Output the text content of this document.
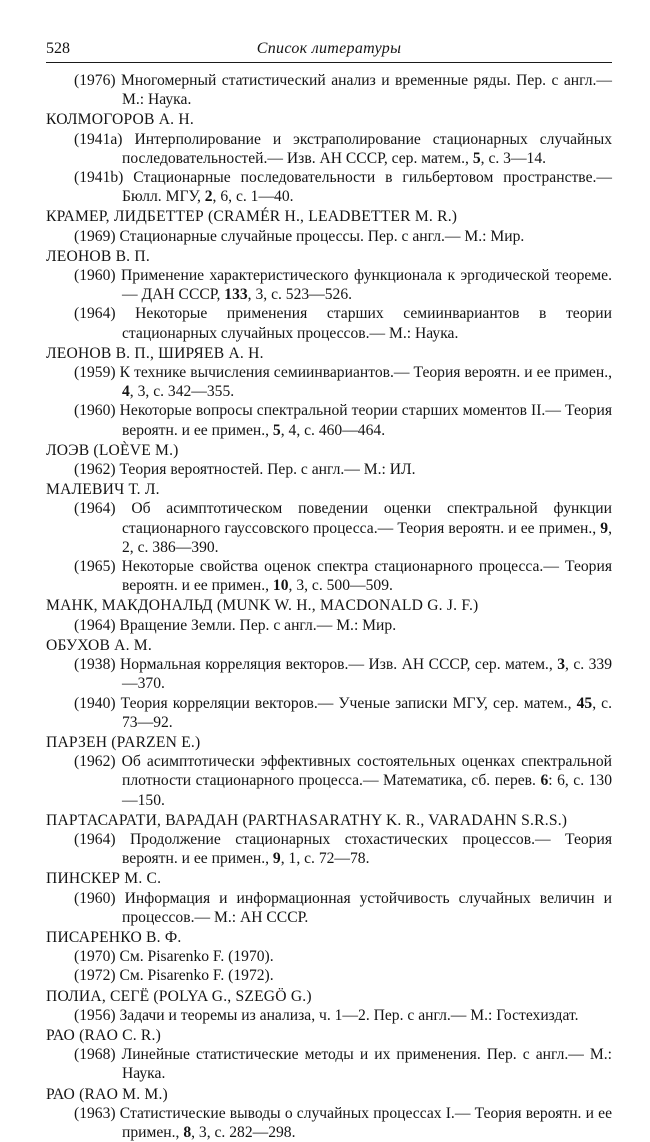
528	Список литературы
(1976) Многомерный статистический анализ и временные ряды. Пер. с англ.— М.: Наука.
КОЛМОГОРОВ А. Н.
(1941a) Интерполирование и экстраполирование стационарных случайных последовательностей.— Изв. АН СССР, сер. матем., 5, с. 3—14.
(1941b) Стационарные последовательности в гильбертовом пространстве.— Бюлл. МГУ, 2, 6, с. 1—40.
КРАМЕР, ЛИДБЕТТЕР (CRAMÉR H., LEADBETTER M. R.)
(1969) Стационарные случайные процессы. Пер. с англ.— М.: Мир.
ЛЕОНОВ В. П.
(1960) Применение характеристического функционала к эргодической теореме.— ДАН СССР, 133, 3, с. 523—526.
(1964) Некоторые применения старших семиинвариантов в теории стационарных случайных процессов.— М.: Наука.
ЛЕОНОВ В. П., ШИРЯЕВ А. Н.
(1959) К технике вычисления семиинвариантов.— Теория вероятн. и ее примен., 4, 3, с. 342—355.
(1960) Некоторые вопросы спектральной теории старших моментов II.— Теория вероятн. и ее примен., 5, 4, с. 460—464.
ЛОЭВ (LOÈVE M.)
(1962) Теория вероятностей. Пер. с англ.— М.: ИЛ.
МАЛЕВИЧ Т. Л.
(1964) Об асимптотическом поведении оценки спектральной функции стационарного гауссовского процесса.— Теория вероятн. и ее примен., 9, 2, с. 386—390.
(1965) Некоторые свойства оценок спектра стационарного процесса.— Теория вероятн. и ее примен., 10, 3, с. 500—509.
МАНК, МАКДОНАЛЬД (MUNK W. H., MACDONALD G. J. F.)
(1964) Вращение Земли. Пер. с англ.— М.: Мир.
ОБУХОВ А. М.
(1938) Нормальная корреляция векторов.— Изв. АН СССР, сер. матем., 3, с. 339—370.
(1940) Теория корреляции векторов.— Ученые записки МГУ, сер. матем., 45, с. 73—92.
ПАРЗЕН (PARZEN E.)
(1962) Об асимптотически эффективных состоятельных оценках спектральной плотности стационарного процесса.— Математика, сб. перев. 6: 6, с. 130—150.
ПАРТАСАРАТИ, ВАРАДАН (PARTHASARATHY K. R., VARADAHN S.R.S.)
(1964) Продолжение стационарных стохастических процессов.— Теория вероятн. и ее примен., 9, 1, с. 72—78.
ПИНСКЕР М. С.
(1960) Информация и информационная устойчивость случайных величин и процессов.— М.: АН СССР.
ПИСАРЕНКО В. Ф.
(1970) См. Pisarenko F. (1970).
(1972) См. Pisarenko F. (1972).
ПОЛИА, СЕГЁ (POLYA G., SZEGÖ G.)
(1956) Задачи и теоремы из анализа, ч. 1—2. Пер. с англ.— М.: Гостехиздат.
РАО (RAO C. R.)
(1968) Линейные статистические методы и их применения. Пер. с англ.— М.: Наука.
РАО (RAO M. M.)
(1963) Статистические выводы о случайных процессах I.— Теория вероятн. и ее примен., 8, 3, с. 282—298.
